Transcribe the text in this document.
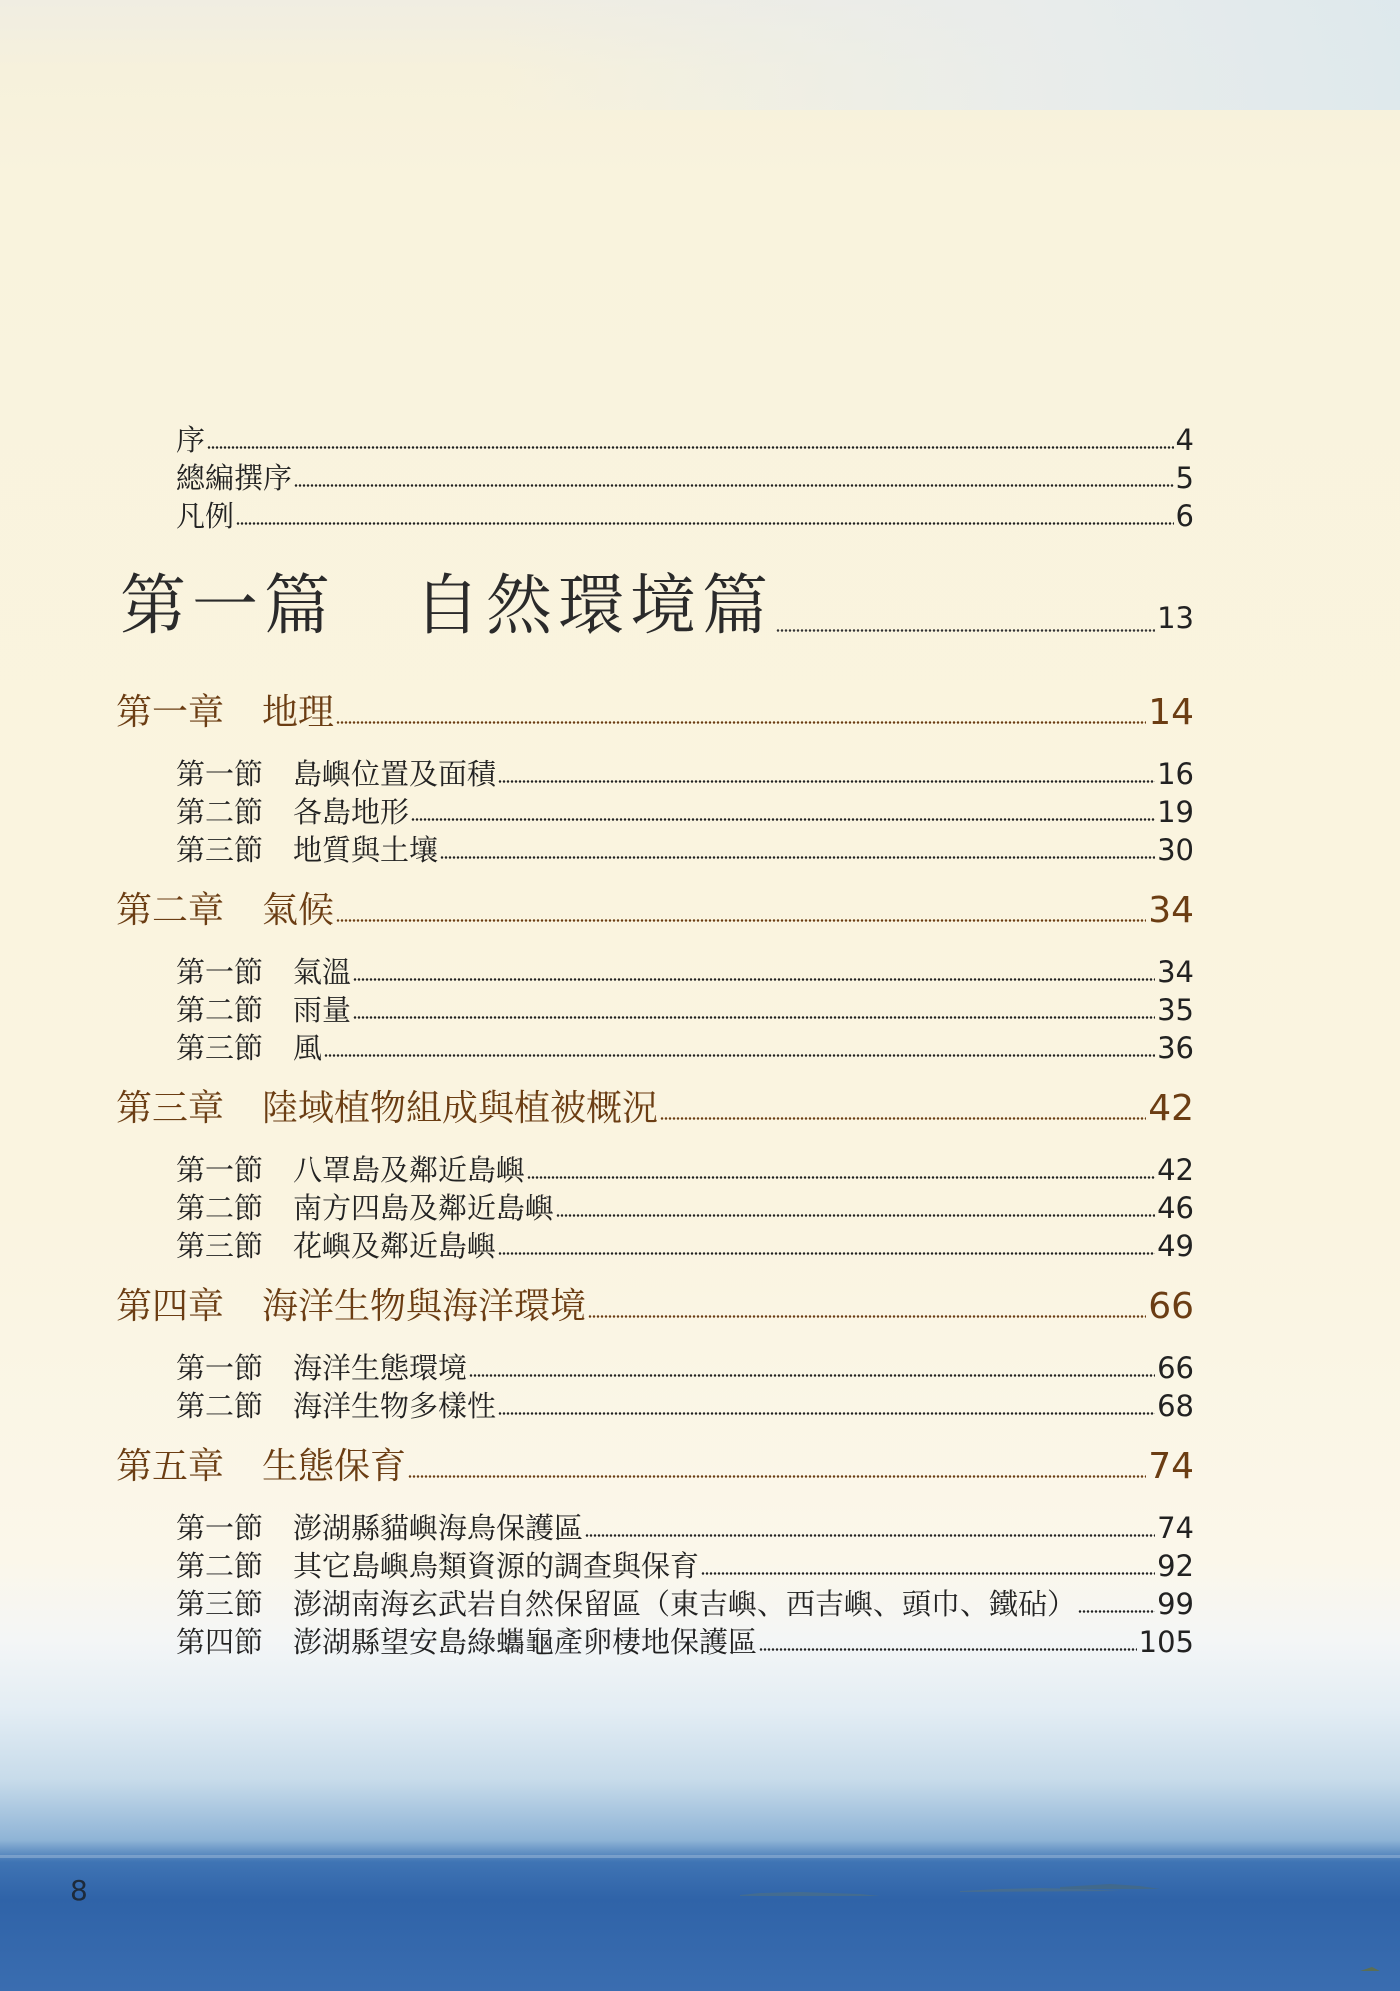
序	4
總編撰序	5
凡例	6
第一篇 自然環境篇	13
第一章 地理	14
第一節 島嶼位置及面積	16
第二節 各島地形	19
第三節 地質與土壤	30
第二章 氣候	34
第一節 氣溫	34
第二節 雨量	35
第三節 風	36
第三章 陸域植物組成與植被概況	42
第一節 八罩島及鄰近島嶼	42
第二節 南方四島及鄰近島嶼	46
第三節 花嶼及鄰近島嶼	49
第四章 海洋生物與海洋環境	66
第一節 海洋生態環境	66
第二節 海洋生物多樣性	68
第五章 生態保育	74
第一節 澎湖縣貓嶼海鳥保護區	74
第二節 其它島嶼鳥類資源的調查與保育	92
第三節 澎湖南海玄武岩自然保留區（東吉嶼、西吉嶼、頭巾、鐵砧）	99
第四節 澎湖縣望安島綠蠵龜產卵棲地保護區	105
8
